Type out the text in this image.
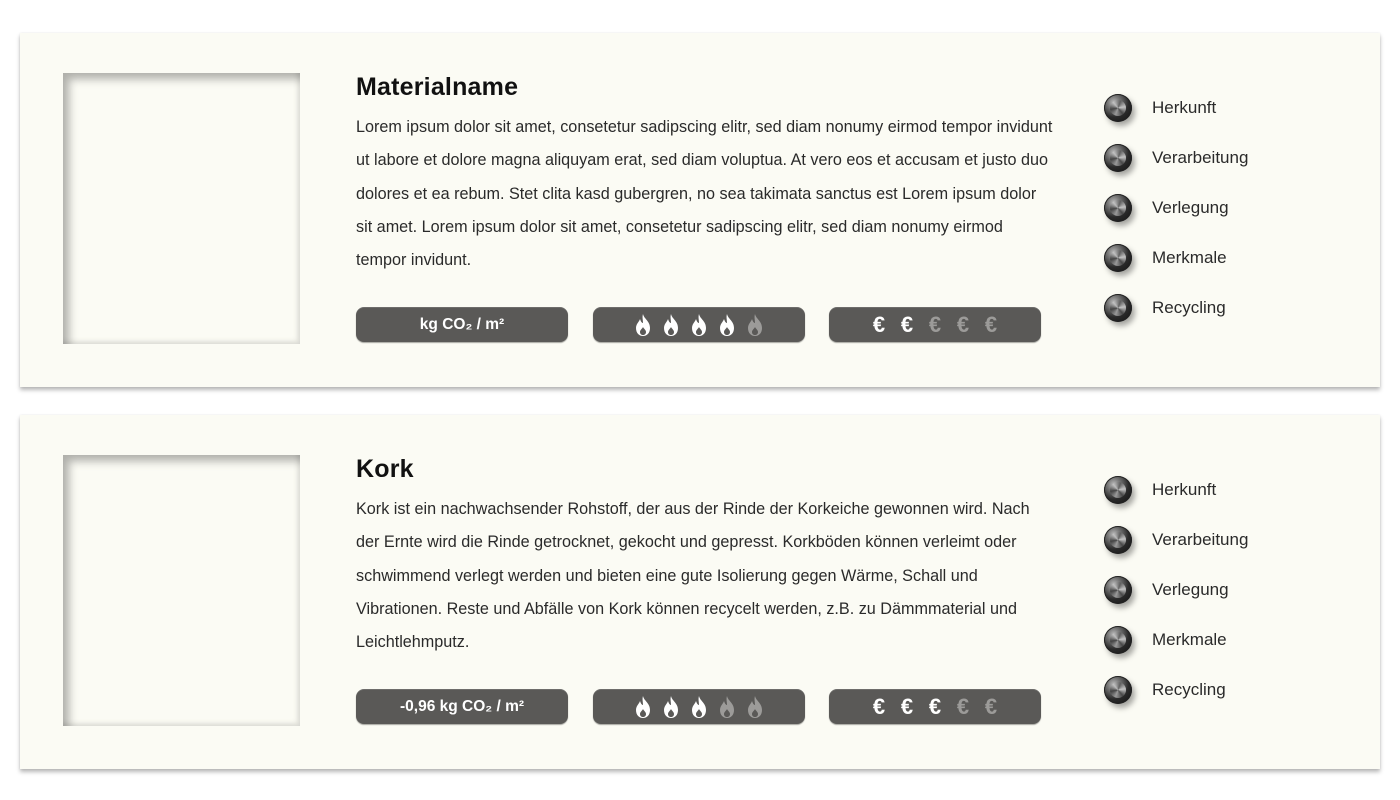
Materialname
Lorem ipsum dolor sit amet, consetetur sadipscing elitr, sed diam nonumy eirmod tempor invidunt ut labore et dolore magna aliquyam erat, sed diam voluptua. At vero eos et accusam et justo duo dolores et ea rebum. Stet clita kasd gubergren, no sea takimata sanctus est Lorem ipsum dolor sit amet. Lorem ipsum dolor sit amet, consetetur sadipscing elitr, sed diam nonumy eirmod tempor invidunt.
kg CO₂ / m²	€ € € € €
Herkunft
Verarbeitung
Verlegung
Merkmale
Recycling
Kork
Kork ist ein nachwachsender Rohstoff, der aus der Rinde der Korkeiche gewonnen wird. Nach der Ernte wird die Rinde getrocknet, gekocht und gepresst. Korkböden können verleimt oder schwimmend verlegt werden und bieten eine gute Isolierung gegen Wärme, Schall und Vibrationen. Reste und Abfälle von Kork können recycelt werden, z.B. zu Dämmmaterial und Leichtlehmputz.
-0,96 kg CO₂ / m²	€ € € € €
Herkunft
Verarbeitung
Verlegung
Merkmale
Recycling
